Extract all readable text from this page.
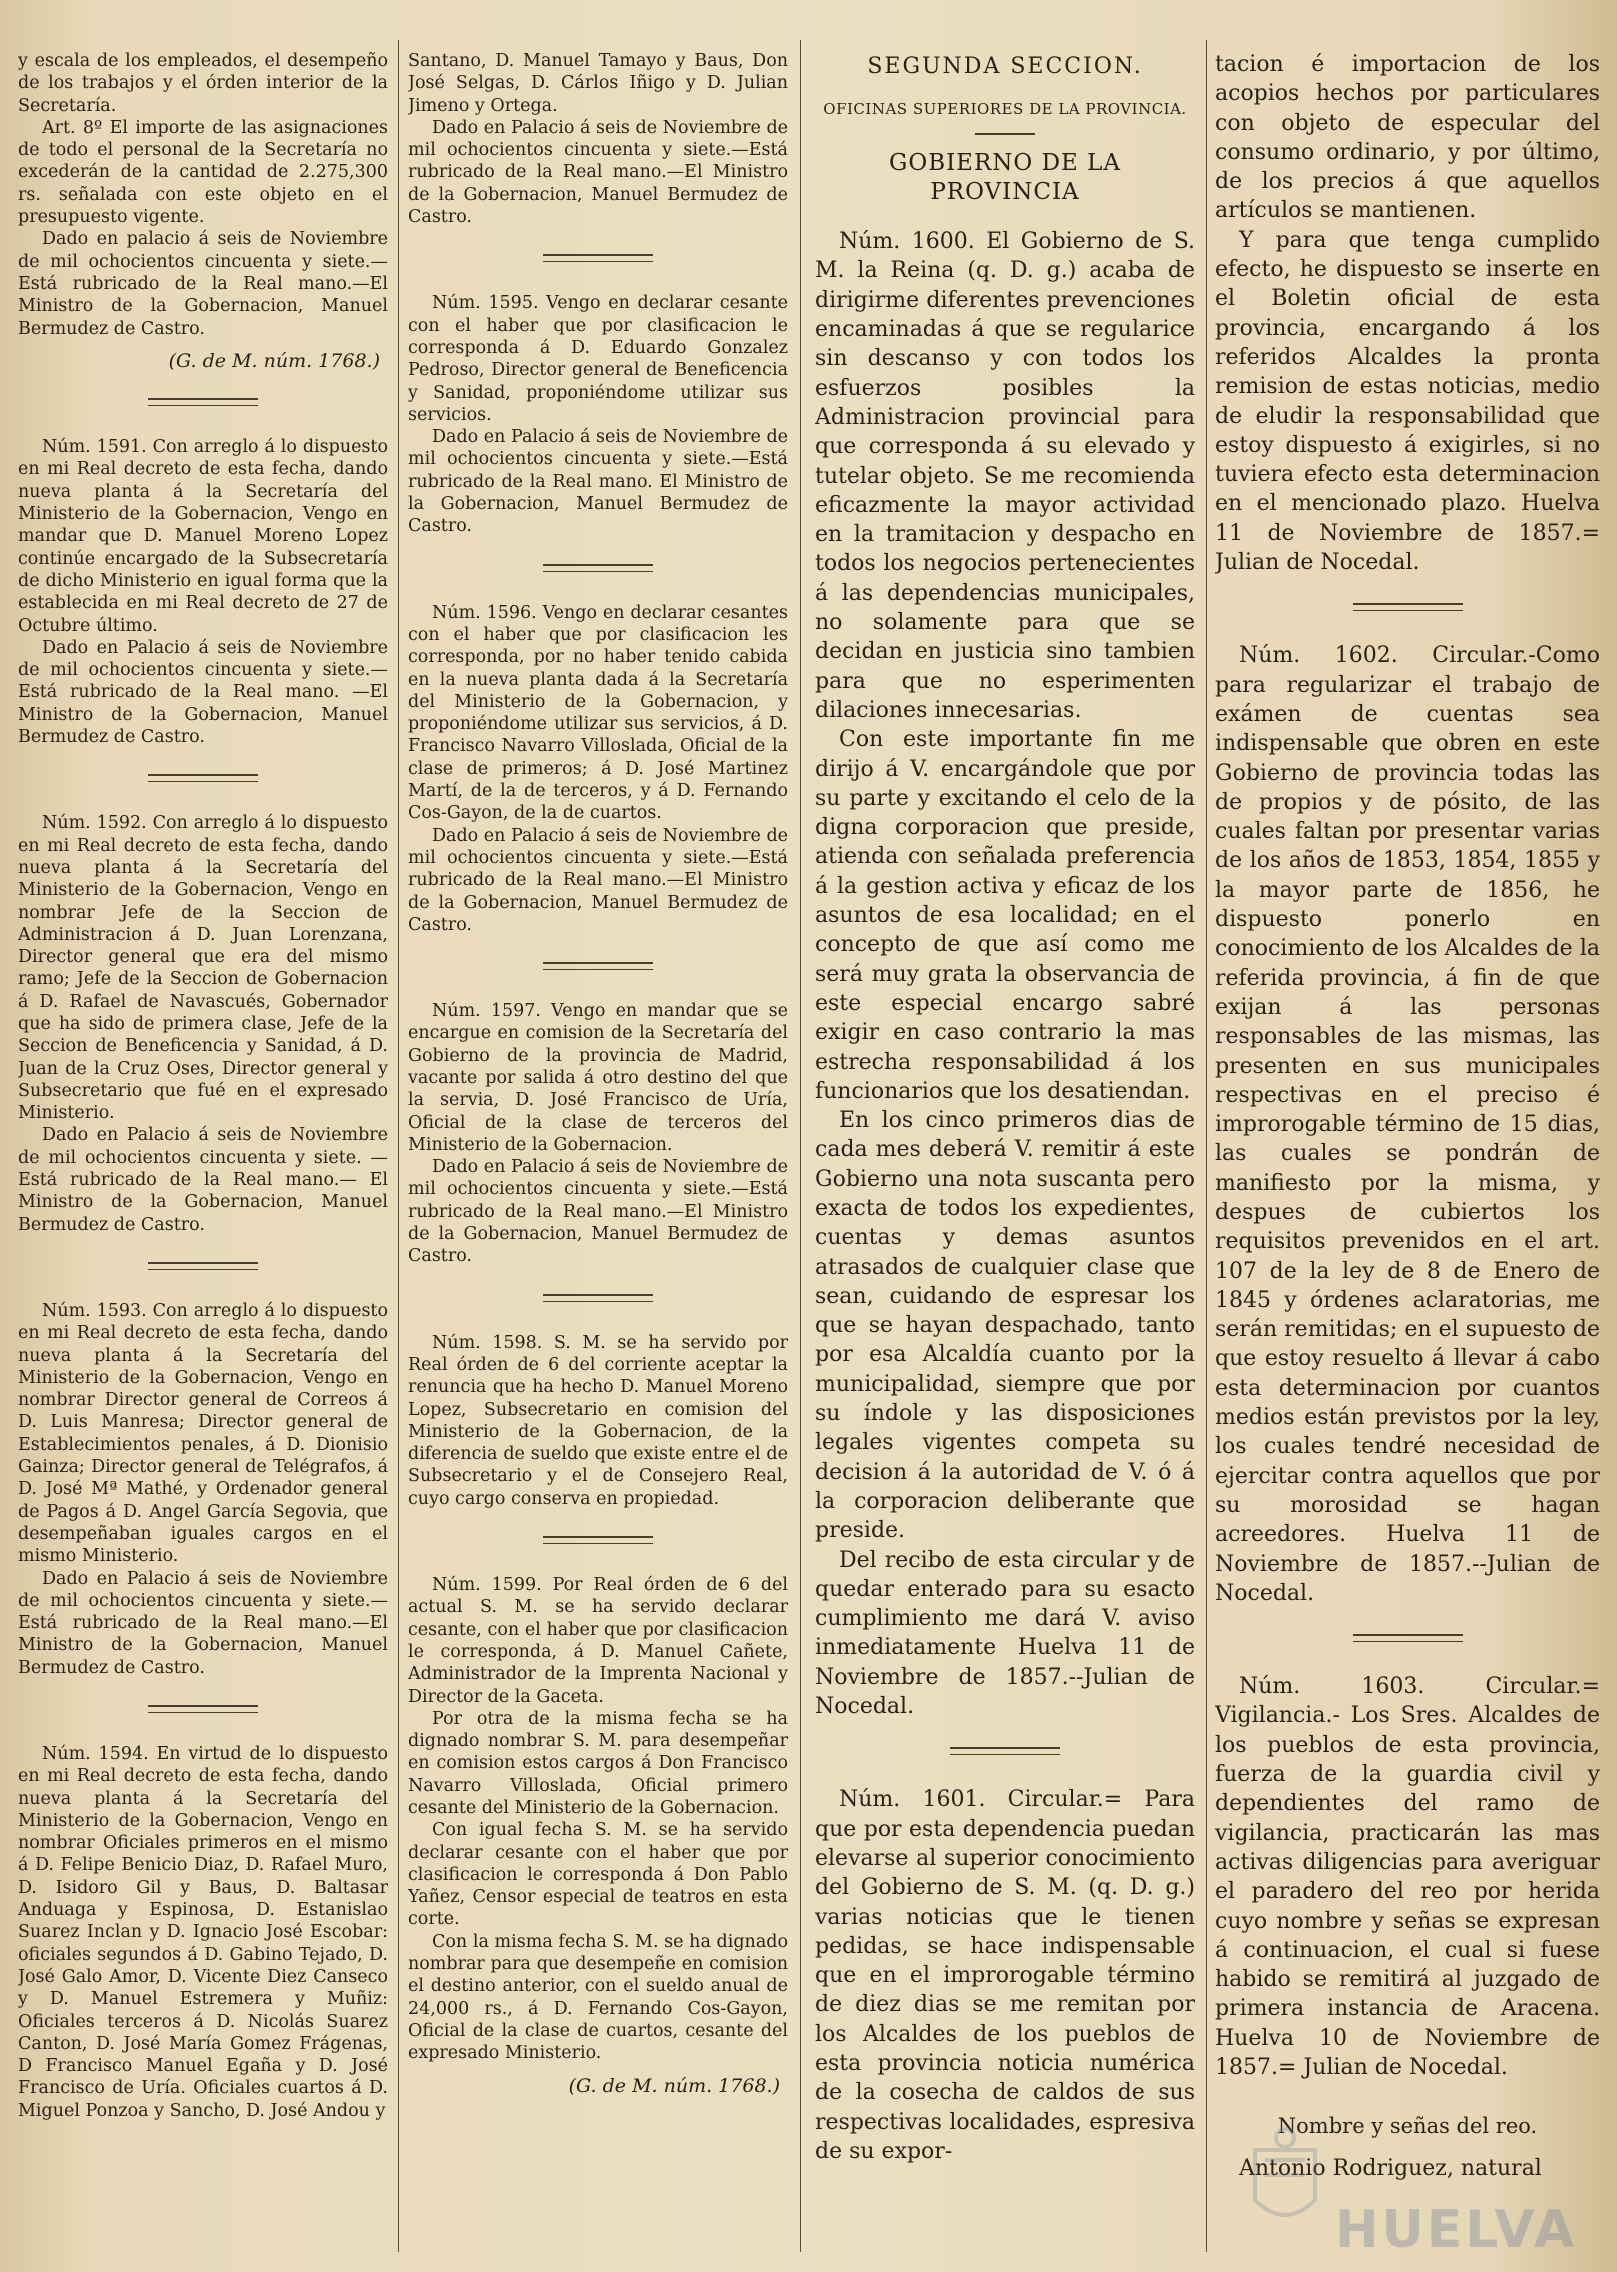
y escala de los empleados, el desempeño de los trabajos y el órden interior de la Secretaría.

Art. 8º El importe de las asignaciones de todo el personal de la Secretaría no excederán de la cantidad de 2.275,300 rs. señalada con este objeto en el presupuesto vigente.

Dado en palacio á seis de Noviembre de mil ochocientos cincuenta y siete.—Está rubricado de la Real mano.—El Ministro de la Gobernacion, Manuel Bermudez de Castro.

(G. de M. núm. 1768.)

Núm. 1591. Con arreglo á lo dispuesto en mi Real decreto de esta fecha, dando nueva planta á la Secretaría del Ministerio de la Gobernacion, Vengo en mandar que D. Manuel Moreno Lopez continúe encargado de la Subsecretaría de dicho Ministerio en igual forma que la establecida en mi Real decreto de 27 de Octubre último.

Dado en Palacio á seis de Noviembre de mil ochocientos cincuenta y siete.—Está rubricado de la Real mano. —El Ministro de la Gobernacion, Manuel Bermudez de Castro.

Núm. 1592. Con arreglo á lo dispuesto en mi Real decreto de esta fecha, dando nueva planta á la Secretaría del Ministerio de la Gobernacion, Vengo en nombrar Jefe de la Seccion de Administracion á D. Juan Lorenzana, Director general que era del mismo ramo; Jefe de la Seccion de Gobernacion á D. Rafael de Navascués, Gobernador que ha sido de primera clase, Jefe de la Seccion de Beneficencia y Sanidad, á D. Juan de la Cruz Oses, Director general y Subsecretario que fué en el expresado Ministerio.

Dado en Palacio á seis de Noviembre de mil ochocientos cincuenta y siete. —Está rubricado de la Real mano.— El Ministro de la Gobernacion, Manuel Bermudez de Castro.

Núm. 1593. Con arreglo á lo dispuesto en mi Real decreto de esta fecha, dando nueva planta á la Secretaría del Ministerio de la Gobernacion, Vengo en nombrar Director general de Correos á D. Luis Manresa; Director general de Establecimientos penales, á D. Dionisio Gainza; Director general de Telégrafos, á D. José Mª Mathé, y Ordenador general de Pagos á D. Angel García Segovia, que desempeñaban iguales cargos en el mismo Ministerio.

Dado en Palacio á seis de Noviembre de mil ochocientos cincuenta y siete.—Está rubricado de la Real mano.—El Ministro de la Gobernacion, Manuel Bermudez de Castro.

Núm. 1594. En virtud de lo dispuesto en mi Real decreto de esta fecha, dando nueva planta á la Secretaría del Ministerio de la Gobernacion, Vengo en nombrar Oficiales primeros en el mismo á D. Felipe Benicio Diaz, D. Rafael Muro, D. Isidoro Gil y Baus, D. Baltasar Anduaga y Espinosa, D. Estanislao Suarez Inclan y D. Ignacio José Escobar: oficiales segundos á D. Gabino Tejado, D. José Galo Amor, D. Vicente Diez Canseco y D. Manuel Estremera y Muñiz: Oficiales terceros á D. Nicolás Suarez Canton, D. José María Gomez Frágenas, D Francisco Manuel Egaña y D. José Francisco de Uría. Oficiales cuartos á D. Miguel Ponzoa y Sancho, D. José Andou y

Santano, D. Manuel Tamayo y Baus, Don José Selgas, D. Cárlos Iñigo y D. Julian Jimeno y Ortega.

Dado en Palacio á seis de Noviembre de mil ochocientos cincuenta y siete.—Está rubricado de la Real mano.—El Ministro de la Gobernacion, Manuel Bermudez de Castro.

Núm. 1595. Vengo en declarar cesante con el haber que por clasificacion le corresponda á D. Eduardo Gonzalez Pedroso, Director general de Beneficencia y Sanidad, proponiéndome utilizar sus servicios.

Dado en Palacio á seis de Noviembre de mil ochocientos cincuenta y siete.—Está rubricado de la Real mano. El Ministro de la Gobernacion, Manuel Bermudez de Castro.

Núm. 1596. Vengo en declarar cesantes con el haber que por clasificacion les corresponda, por no haber tenido cabida en la nueva planta dada á la Secretaría del Ministerio de la Gobernacion, y proponiéndome utilizar sus servicios, á D. Francisco Navarro Villoslada, Oficial de la clase de primeros; á D. José Martinez Martí, de la de terceros, y á D. Fernando Cos-Gayon, de la de cuartos.

Dado en Palacio á seis de Noviembre de mil ochocientos cincuenta y siete.—Está rubricado de la Real mano.—El Ministro de la Gobernacion, Manuel Bermudez de Castro.

Núm. 1597. Vengo en mandar que se encargue en comision de la Secretaría del Gobierno de la provincia de Madrid, vacante por salida á otro destino del que la servia, D. José Francisco de Uría, Oficial de la clase de terceros del Ministerio de la Gobernacion.

Dado en Palacio á seis de Noviembre de mil ochocientos cincuenta y siete.—Está rubricado de la Real mano.—El Ministro de la Gobernacion, Manuel Bermudez de Castro.

Núm. 1598. S. M. se ha servido por Real órden de 6 del corriente aceptar la renuncia que ha hecho D. Manuel Moreno Lopez, Subsecretario en comision del Ministerio de la Gobernacion, de la diferencia de sueldo que existe entre el de Subsecretario y el de Consejero Real, cuyo cargo conserva en propiedad.

Núm. 1599. Por Real órden de 6 del actual S. M. se ha servido declarar cesante, con el haber que por clasificacion le corresponda, á D. Manuel Cañete, Administrador de la Imprenta Nacional y Director de la Gaceta.

Por otra de la misma fecha se ha dignado nombrar S. M. para desempeñar en comision estos cargos á Don Francisco Navarro Villoslada, Oficial primero cesante del Ministerio de la Gobernacion.

Con igual fecha S. M. se ha servido declarar cesante con el haber que por clasificacion le corresponda á Don Pablo Yañez, Censor especial de teatros en esta corte.

Con la misma fecha S. M. se ha dignado nombrar para que desempeñe en comision el destino anterior, con el sueldo anual de 24,000 rs., á D. Fernando Cos-Gayon, Oficial de la clase de cuartos, cesante del expresado Ministerio.

(G. de M. núm. 1768.)
SEGUNDA SECCION.
OFICINAS SUPERIORES DE LA PROVINCIA.
GOBIERNO DE LA PROVINCIA

Núm. 1600. El Gobierno de S. M. la Reina (q. D. g.) acaba de dirigirme diferentes prevenciones encaminadas á que se regularice sin descanso y con todos los esfuerzos posibles la Administracion provincial para que corresponda á su elevado y tutelar objeto. Se me recomienda eficazmente la mayor actividad en la tramitacion y despacho en todos los negocios pertenecientes á las dependencias municipales, no solamente para que se decidan en justicia sino tambien para que no esperimenten dilaciones innecesarias.

Con este importante fin me dirijo á V. encargándole que por su parte y excitando el celo de la digna corporacion que preside, atienda con señalada preferencia á la gestion activa y eficaz de los asuntos de esa localidad; en el concepto de que así como me será muy grata la observancia de este especial encargo sabré exigir en caso contrario la mas estrecha responsabilidad á los funcionarios que los desatiendan.

En los cinco primeros dias de cada mes deberá V. remitir á este Gobierno una nota suscanta pero exacta de todos los expedientes, cuentas y demas asuntos atrasados de cualquier clase que sean, cuidando de espresar los que se hayan despachado, tanto por esa Alcaldía cuanto por la municipalidad, siempre que por su índole y las disposiciones legales vigentes competa su decision á la autoridad de V. ó á la corporacion deliberante que preside.

Del recibo de esta circular y de quedar enterado para su esacto cumplimiento me dará V. aviso inmediatamente Huelva 11 de Noviembre de 1857.--Julian de Nocedal.

Núm. 1601. Circular.= Para que por esta dependencia puedan elevarse al superior conocimiento del Gobierno de S. M. (q. D. g.) varias noticias que le tienen pedidas, se hace indispensable que en el improrogable término de diez dias se me remitan por los Alcaldes de los pueblos de esta provincia noticia numérica de la cosecha de caldos de sus respectivas localidades, espresiva de su expor-

tacion é importacion de los acopios hechos por particulares con objeto de especular del consumo ordinario, y por último, de los precios á que aquellos artículos se mantienen.

Y para que tenga cumplido efecto, he dispuesto se inserte en el Boletin oficial de esta provincia, encargando á los referidos Alcaldes la pronta remision de estas noticias, medio de eludir la responsabilidad que estoy dispuesto á exigirles, si no tuviera efecto esta determinacion en el mencionado plazo. Huelva 11 de Noviembre de 1857.= Julian de Nocedal.

Núm. 1602. Circular.-Como para regularizar el trabajo de exámen de cuentas sea indispensable que obren en este Gobierno de provincia todas las de propios y de pósito, de las cuales faltan por presentar varias de los años de 1853, 1854, 1855 y la mayor parte de 1856, he dispuesto ponerlo en conocimiento de los Alcaldes de la referida provincia, á fin de que exijan á las personas responsables de las mismas, las presenten en sus municipales respectivas en el preciso é improrogable término de 15 dias, las cuales se pondrán de manifiesto por la misma, y despues de cubiertos los requisitos prevenidos en el art. 107 de la ley de 8 de Enero de 1845 y órdenes aclaratorias, me serán remitidas; en el supuesto de que estoy resuelto á llevar á cabo esta determinacion por cuantos medios están previstos por la ley, los cuales tendré necesidad de ejercitar contra aquellos que por su morosidad se hagan acreedores. Huelva 11 de Noviembre de 1857.--Julian de Nocedal.

Núm. 1603. Circular.= Vigilancia.- Los Sres. Alcaldes de los pueblos de esta provincia, fuerza de la guardia civil y dependientes del ramo de vigilancia, practicarán las mas activas diligencias para averiguar el paradero del reo por herida cuyo nombre y señas se expresan á continuacion, el cual si fuese habido se remitirá al juzgado de primera instancia de Aracena. Huelva 10 de Noviembre de 1857.= Julian de Nocedal.

Nombre y señas del reo.

Antonio Rodriguez, natural

HUELVA
